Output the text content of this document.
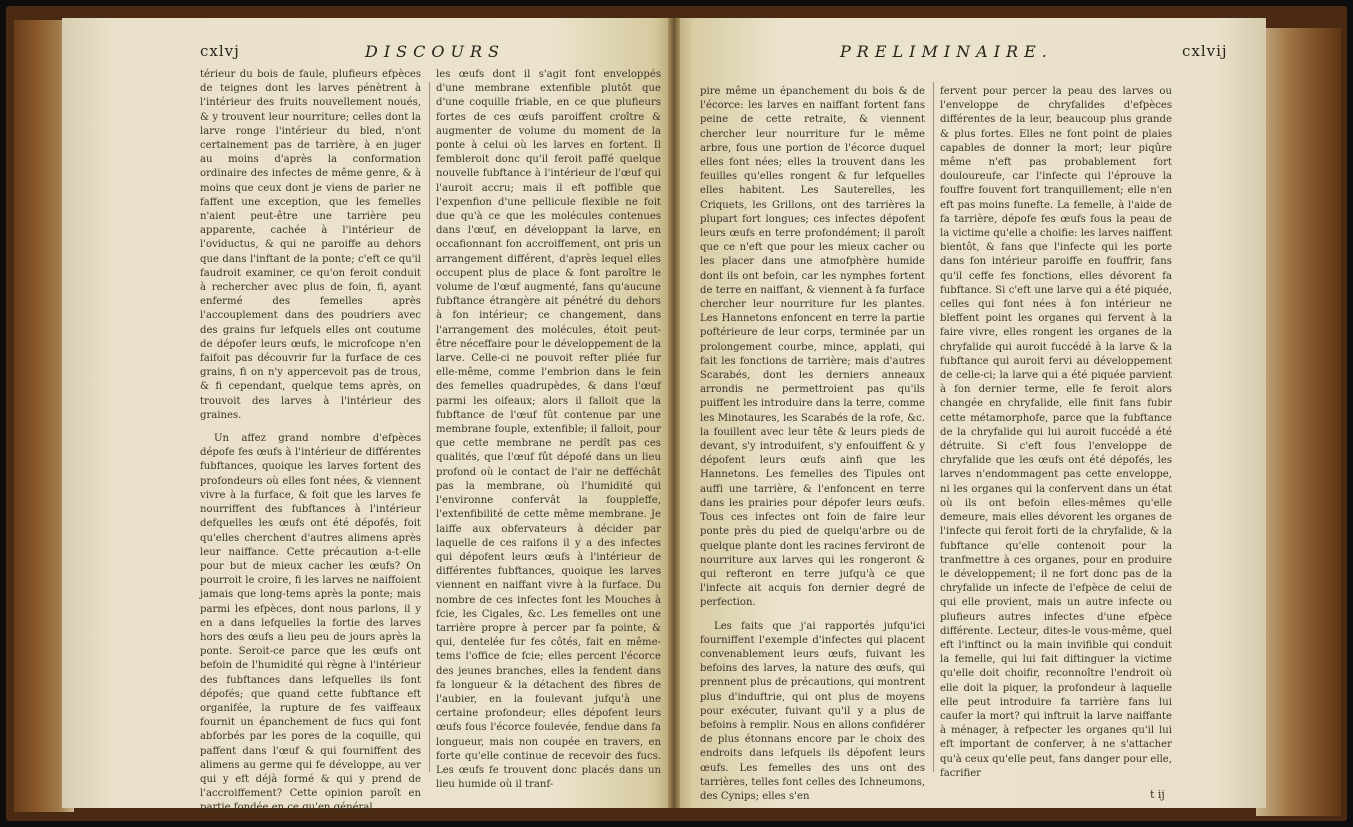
cxlvj	DISCOURS	PRELIMINAIRE.	cxlvij

térieur du bois de faule, plufieurs efpèces de teignes dont les larves pénètrent à l'intérieur des fruits nouvellement noués, & y trouvent leur nourriture; celles dont la larve ronge l'intérieur du bled, n'ont certainement pas de tarrière, à en juger au moins d'après la conformation ordinaire des infectes de même genre, & à moins que ceux dont je viens de parler ne faffent une exception, que les femelles n'aient peut-être une tarrière peu apparente, cachée à l'intérieur de l'oviductus, & qui ne paroiffe au dehors que dans l'inftant de la ponte; c'eft ce qu'il faudroit examiner, ce qu'on feroit conduit à rechercher avec plus de foin, fi, ayant enfermé des femelles après l'accouplement dans des poudriers avec des grains fur lefquels elles ont coutume de dépofer leurs œufs, le microfcope n'en faifoit pas découvrir fur la furface de ces grains, fi on n'y appercevoit pas de trous, & fi cependant, quelque tems après, on trouvoit des larves à l'intérieur des graines.

Un affez grand nombre d'efpèces dépofe fes œufs à l'intérieur de différentes fubftances, quoique les larves fortent des profondeurs où elles font nées, & viennent vivre à la furface, & foit que les larves fe nourriffent des fubftances à l'intérieur defquelles les œufs ont été dépofés, foit qu'elles cherchent d'autres alimens après leur naiffance. Cette précaution a-t-elle pour but de mieux cacher les œufs? On pourroit le croire, fi les larves ne naiffoient jamais que long-tems après la ponte; mais parmi les efpèces, dont nous parlons, il y en a dans lefquelles la fortie des larves hors des œufs a lieu peu de jours après la ponte. Seroit-ce parce que les œufs ont befoin de l'humidité qui règne à l'intérieur des fubftances dans lefquelles ils font dépofés; que quand cette fubftance eft organifée, la rupture de fes vaiffeaux fournit un épanchement de fucs qui font abforbés par les pores de la coquille, qui paffent dans l'œuf & qui fourniffent des alimens au germe qui fe développe, au ver qui y eft déjà formé & qui y prend de l'accroiffement? Cette opinion paroît en partie fondée en ce qu'en général

les œufs dont il s'agit font enveloppés d'une membrane extenfible plutôt que d'une coquille friable, en ce que plufieurs fortes de ces œufs paroiffent croître & augmenter de volume du moment de la ponte à celui où les larves en fortent. Il fembleroit donc qu'il feroit paffé quelque nouvelle fubftance à l'intérieur de l'œuf qui l'auroit accru; mais il eft poffible que l'expenfion d'une pellicule flexible ne foit due qu'à ce que les molécules contenues dans l'œuf, en développant la larve, en occafionnant fon accroiffement, ont pris un arrangement différent, d'après lequel elles occupent plus de place & font paroître le volume de l'œuf augmenté, fans qu'aucune fubftance étrangère ait pénétré du dehors à fon intérieur; ce changement, dans l'arrangement des molécules, étoit peut-être néceffaire pour le développement de la larve. Celle-ci ne pouvoit refter pliée fur elle-même, comme l'embrion dans le fein des femelles quadrupèdes, & dans l'œuf parmi les oifeaux; alors il falloit que la fubftance de l'œuf fût contenue par une membrane fouple, extenfible; il falloit, pour que cette membrane ne perdît pas ces qualités, que l'œuf fût dépofé dans un lieu profond où le contact de l'air ne defféchât pas la membrane, où l'humidité qui l'environne confervât la fouppleffe, l'extenfibilité de cette même membrane. Je laiffe aux obfervateurs à décider par laquelle de ces raifons il y a des infectes qui dépofent leurs œufs à l'intérieur de différentes fubftances, quoique les larves viennent en naiffant vivre à la furface. Du nombre de ces infectes font les Mouches à fcie, les Cigales, &c. Les femelles ont une tarrière propre à percer par fa pointe, & qui, dentelée fur fes côtés, fait en même-tems l'office de fcie; elles percent l'écorce des jeunes branches, elles la fendent dans fa longueur & la détachent des fibres de l'aubier, en la foulevant jufqu'à une certaine profondeur; elles dépofent leurs œufs fous l'écorce foulevée, fendue dans fa longueur, mais non coupée en travers, en forte qu'elle continue de recevoir des fucs. Les œufs fe trouvent donc placés dans un lieu humide où il tranf-

pire même un épanchement du bois & de l'écorce: les larves en naiffant fortent fans peine de cette retraite, & viennent chercher leur nourriture fur le même arbre, fous une portion de l'écorce duquel elles font nées; elles la trouvent dans les feuilles qu'elles rongent & fur lefquelles elles habitent. Les Sauterelles, les Criquets, les Grillons, ont des tarrières la plupart fort longues; ces infectes dépofent leurs œufs en terre profondément; il paroît que ce n'eft que pour les mieux cacher ou les placer dans une atmofphère humide dont ils ont befoin, car les nymphes fortent de terre en naiffant, & viennent à fa furface chercher leur nourriture fur les plantes. Les Hannetons enfoncent en terre la partie poftérieure de leur corps, terminée par un prolongement courbe, mince, applati, qui fait les fonctions de tarrière; mais d'autres Scarabés, dont les derniers anneaux arrondis ne permettroient pas qu'ils puiffent les introduire dans la terre, comme les Minotaures, les Scarabés de la rofe, &c. la fouillent avec leur tête & leurs pieds de devant, s'y introduifent, s'y enfouiffent & y dépofent leurs œufs ainfi que les Hannetons. Les femelles des Tipules ont auffi une tarrière, & l'enfoncent en terre dans les prairies pour dépofer leurs œufs. Tous ces infectes ont foin de faire leur ponte près du pied de quelqu'arbre ou de quelque plante dont les racines ferviront de nourriture aux larves qui les rongeront & qui refteront en terre jufqu'à ce que l'infecte ait acquis fon dernier degré de perfection.

Les faits que j'ai rapportés jufqu'ici fourniffent l'exemple d'infectes qui placent convenablement leurs œufs, fuivant les befoins des larves, la nature des œufs, qui prennent plus de précautions, qui montrent plus d'induftrie, qui ont plus de moyens pour exécuter, fuivant qu'il y a plus de befoins à remplir. Nous en allons confidérer de plus étonnans encore par le choix des endroits dans lefquels ils dépofent leurs œufs. Les femelles des uns ont des tarrières, telles font celles des Ichneumons, des Cynips; elles s'en

fervent pour percer la peau des larves ou l'enveloppe de chryfalides d'efpèces différentes de la leur, beaucoup plus grande & plus fortes. Elles ne font point de plaies capables de donner la mort; leur piqûre même n'eft pas probablement fort douloureufe, car l'infecte qui l'éprouve la fouffre fouvent fort tranquillement; elle n'en eft pas moins funefte. La femelle, à l'aide de fa tarrière, dépofe fes œufs fous la peau de la victime qu'elle a choifie: les larves naiffent bientôt, & fans que l'infecte qui les porte dans fon intérieur paroiffe en fouffrir, fans qu'il ceffe fes fonctions, elles dévorent fa fubftance. Si c'eft une larve qui a été piquée, celles qui font nées à fon intérieur ne bleffent point les organes qui fervent à la faire vivre, elles rongent les organes de la chryfalide qui auroit fuccédé à la larve & la fubftance qui auroit fervi au développement de celle-ci; la larve qui a été piquée parvient à fon dernier terme, elle fe feroit alors changée en chryfalide, elle finit fans fubir cette métamorphofe, parce que la fubftance de la chryfalide qui lui auroit fuccédé a été détruite. Si c'eft fous l'enveloppe de chryfalide que les œufs ont été dépofés, les larves n'endommagent pas cette enveloppe, ni les organes qui la confervent dans un état où ils ont befoin elles-mêmes qu'elle demeure, mais elles dévorent les organes de l'infecte qui feroit forti de la chryfalide, & la fubftance qu'elle contenoit pour la tranfmettre à ces organes, pour en produire le développement; il ne fort donc pas de la chryfalide un infecte de l'efpèce de celui de qui elle provient, mais un autre infecte ou plufieurs autres infectes d'une efpèce différente. Lecteur, dites-le vous-même, quel eft l'inftinct ou la main invifible qui conduit la femelle, qui lui fait diftinguer la victime qu'elle doit choifir, reconnoître l'endroit où elle doit la piquer, la profondeur à laquelle elle peut introduire fa tarrière fans lui caufer la mort? qui inftruit la larve naiffante à ménager, à refpecter les organes qu'il lui eft important de conferver, à ne s'attacher qu'à ceux qu'elle peut, fans danger pour elle, facrifier

t ij
